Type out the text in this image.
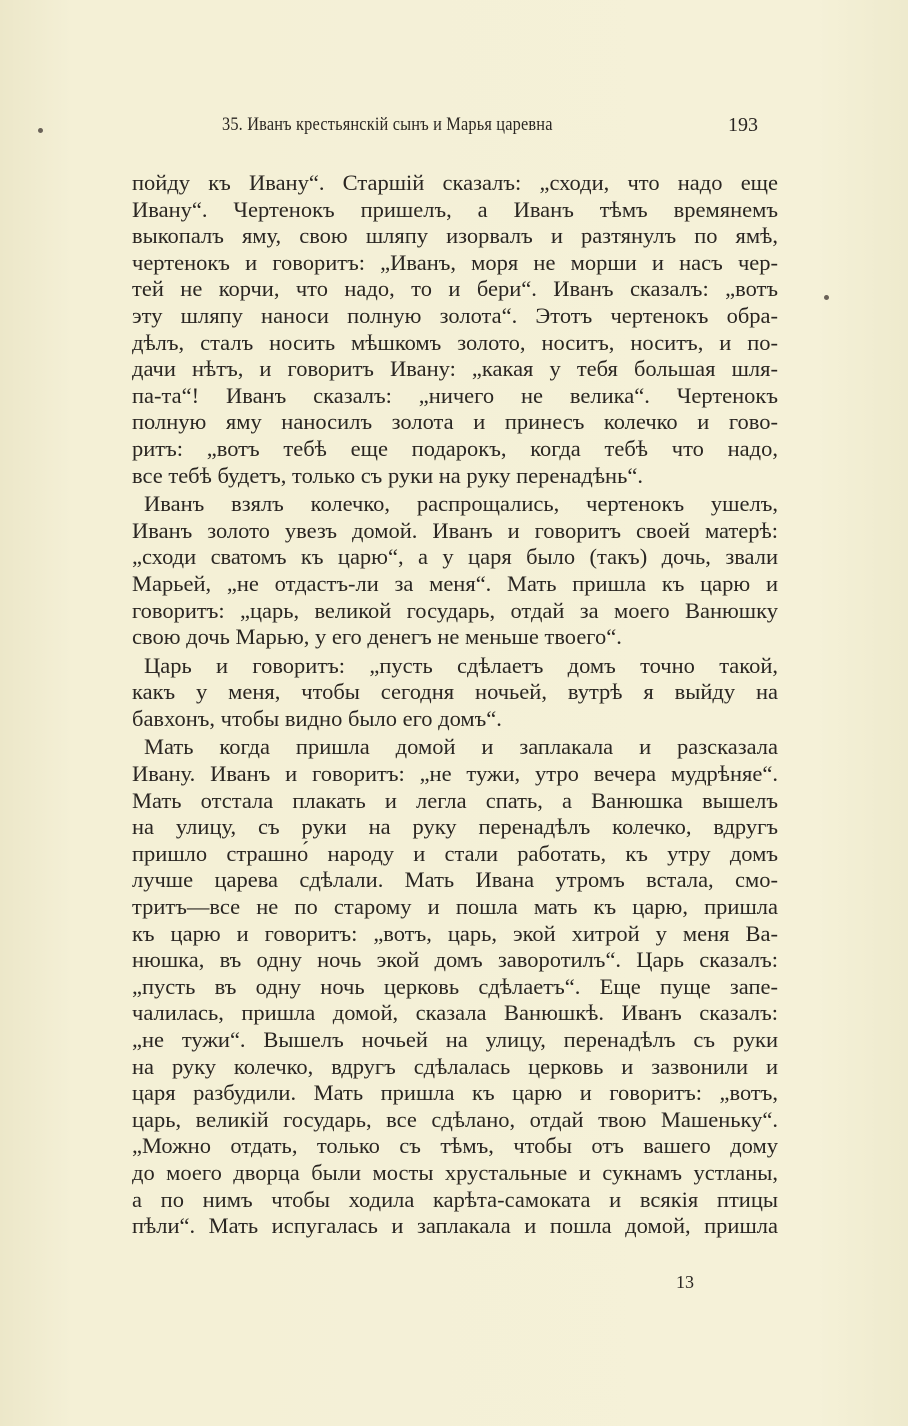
35. Иванъ крестьянскій сынъ и Марья царевна	193
пойду къ Ивану“. Старшій сказалъ: „сходи, что надо еще
Ивану“. Чертенокъ пришелъ, а Иванъ тѣмъ времянемъ
выкопалъ яму, свою шляпу изорвалъ и разтянулъ по ямѣ,
чертенокъ и говоритъ: „Иванъ, моря не морши и насъ чер-
тей не корчи, что надо, то и бери“. Иванъ сказалъ: „вотъ
эту шляпу наноси полную золота“. Этотъ чертенокъ обра-
дѣлъ, сталъ носить мѣшкомъ золото, носитъ, носитъ, и по-
дачи нѣтъ, и говоритъ Ивану: „какая у тебя большая шля-
па-та“! Иванъ сказалъ: „ничего не велика“. Чертенокъ
полную яму наносилъ золота и принесъ колечко и гово-
ритъ: „вотъ тебѣ еще подарокъ, когда тебѣ что надо,
все тебѣ будетъ, только съ руки на руку перенадѣнь“.
Иванъ взялъ колечко, распрощались, чертенокъ ушелъ,
Иванъ золото увезъ домой. Иванъ и говоритъ своей матерѣ:
„сходи сватомъ къ царю“, а у царя было (такъ) дочь, звали
Марьей, „не отдастъ-ли за меня“. Мать пришла къ царю и
говоритъ: „царь, великой государь, отдай за моего Ванюшку
свою дочь Марью, у его денегъ не меньше твоего“.
Царь и говоритъ: „пусть сдѣлаетъ домъ точно такой,
какъ у меня, чтобы сегодня ночьей, вутрѣ я выйду на
бавхонъ, чтобы видно было его домъ“.
Мать когда пришла домой и заплакала и разсказала
Ивану. Иванъ и говоритъ: „не тужи, утро вечера мудрѣняе“.
Мать отстала плакать и легла спать, а Ванюшка вышелъ
на улицу, съ руки на руку перенадѣлъ колечко, вдругъ
пришло страшно́ народу и стали работать, къ утру домъ
лучше царева сдѣлали. Мать Ивана утромъ встала, смо-
тритъ—все не по старому и пошла мать къ царю, пришла
къ царю и говоритъ: „вотъ, царь, экой хитрой у меня Ва-
нюшка, въ одну ночь экой домъ заворотилъ“. Царь сказалъ:
„пусть въ одну ночь церковь сдѣлаетъ“. Еще пуще запе-
чалилась, пришла домой, сказала Ванюшкѣ. Иванъ сказалъ:
„не тужи“. Вышелъ ночьей на улицу, перенадѣлъ съ руки
на руку колечко, вдругъ сдѣлалась церковь и зазвонили и
царя разбудили. Мать пришла къ царю и говоритъ: „вотъ,
царь, великій государь, все сдѣлано, отдай твою Машеньку“.
„Можно отдать, только съ тѣмъ, чтобы отъ вашего дому
до моего дворца были мосты хрустальные и сукнамъ устланы,
а по нимъ чтобы ходила карѣта-самоката и всякія птицы
пѣли“. Мать испугалась и заплакала и пошла домой, пришла
13
